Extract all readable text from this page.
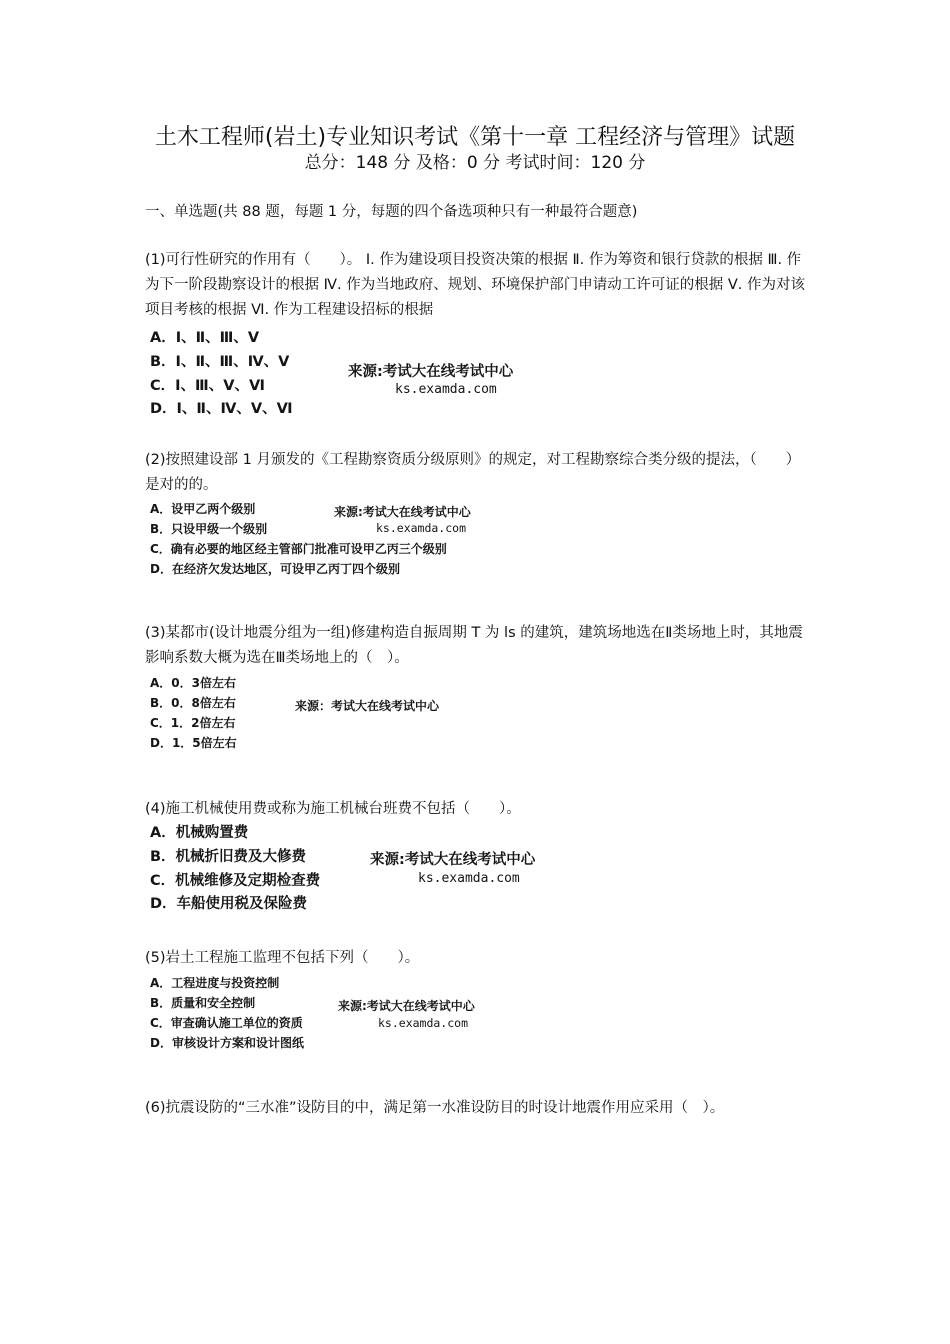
土木工程师(岩土)专业知识考试《第十一章 工程经济与管理》试题
总分：148 分 及格：0 分 考试时间：120 分
一、单选题(共 88 题，每题 1 分，每题的四个备选项种只有一种最符合题意)
(1)可行性研究的作用有（　　）。 Ⅰ. 作为建设项目投资决策的根据 Ⅱ. 作为筹资和银行贷款的根据 Ⅲ. 作为下一阶段勘察设计的根据 Ⅳ. 作为当地政府、规划、环境保护部门申请动工许可证的根据 Ⅴ. 作为对该项目考核的根据 Ⅵ. 作为工程建设招标的根据
A．Ⅰ、Ⅱ、Ⅲ、Ⅴ
B．Ⅰ、Ⅱ、Ⅲ、Ⅳ、Ⅴ
C．Ⅰ、Ⅲ、Ⅴ、Ⅵ
D．Ⅰ、Ⅱ、Ⅳ、Ⅴ、Ⅵ
来源:考试大在线考试中心
ks.examda.com
(2)按照建设部 1 月颁发的《工程勘察资质分级原则》的规定，对工程勘察综合类分级的提法，（　　）是对的的。
A．设甲乙两个级别
B．只设甲级一个级别
C．确有必要的地区经主管部门批准可设甲乙丙三个级别
D．在经济欠发达地区，可设甲乙丙丁四个级别
来源:考试大在线考试中心
ks.examda.com
(3)某都市(设计地震分组为一组)修建构造自振周期 T 为 ls 的建筑，建筑场地选在Ⅱ类场地上时，其地震影响系数大概为选在Ⅲ类场地上的（　）。
A．0．3倍左右
B．0．8倍左右
C．1．2倍左右
D．1．5倍左右
来源：考试大在线考试中心
(4)施工机械使用费或称为施工机械台班费不包括（　　）。
A．机械购置费
B．机械折旧费及大修费
C．机械维修及定期检查费
D．车船使用税及保险费
来源:考试大在线考试中心
ks.examda.com
(5)岩土工程施工监理不包括下列（　　）。
A．工程进度与投资控制
B．质量和安全控制
C．审查确认施工单位的资质
D．审核设计方案和设计图纸
来源:考试大在线考试中心
ks.examda.com
(6)抗震设防的“三水准”设防目的中，满足第一水准设防目的时设计地震作用应采用（　）。
